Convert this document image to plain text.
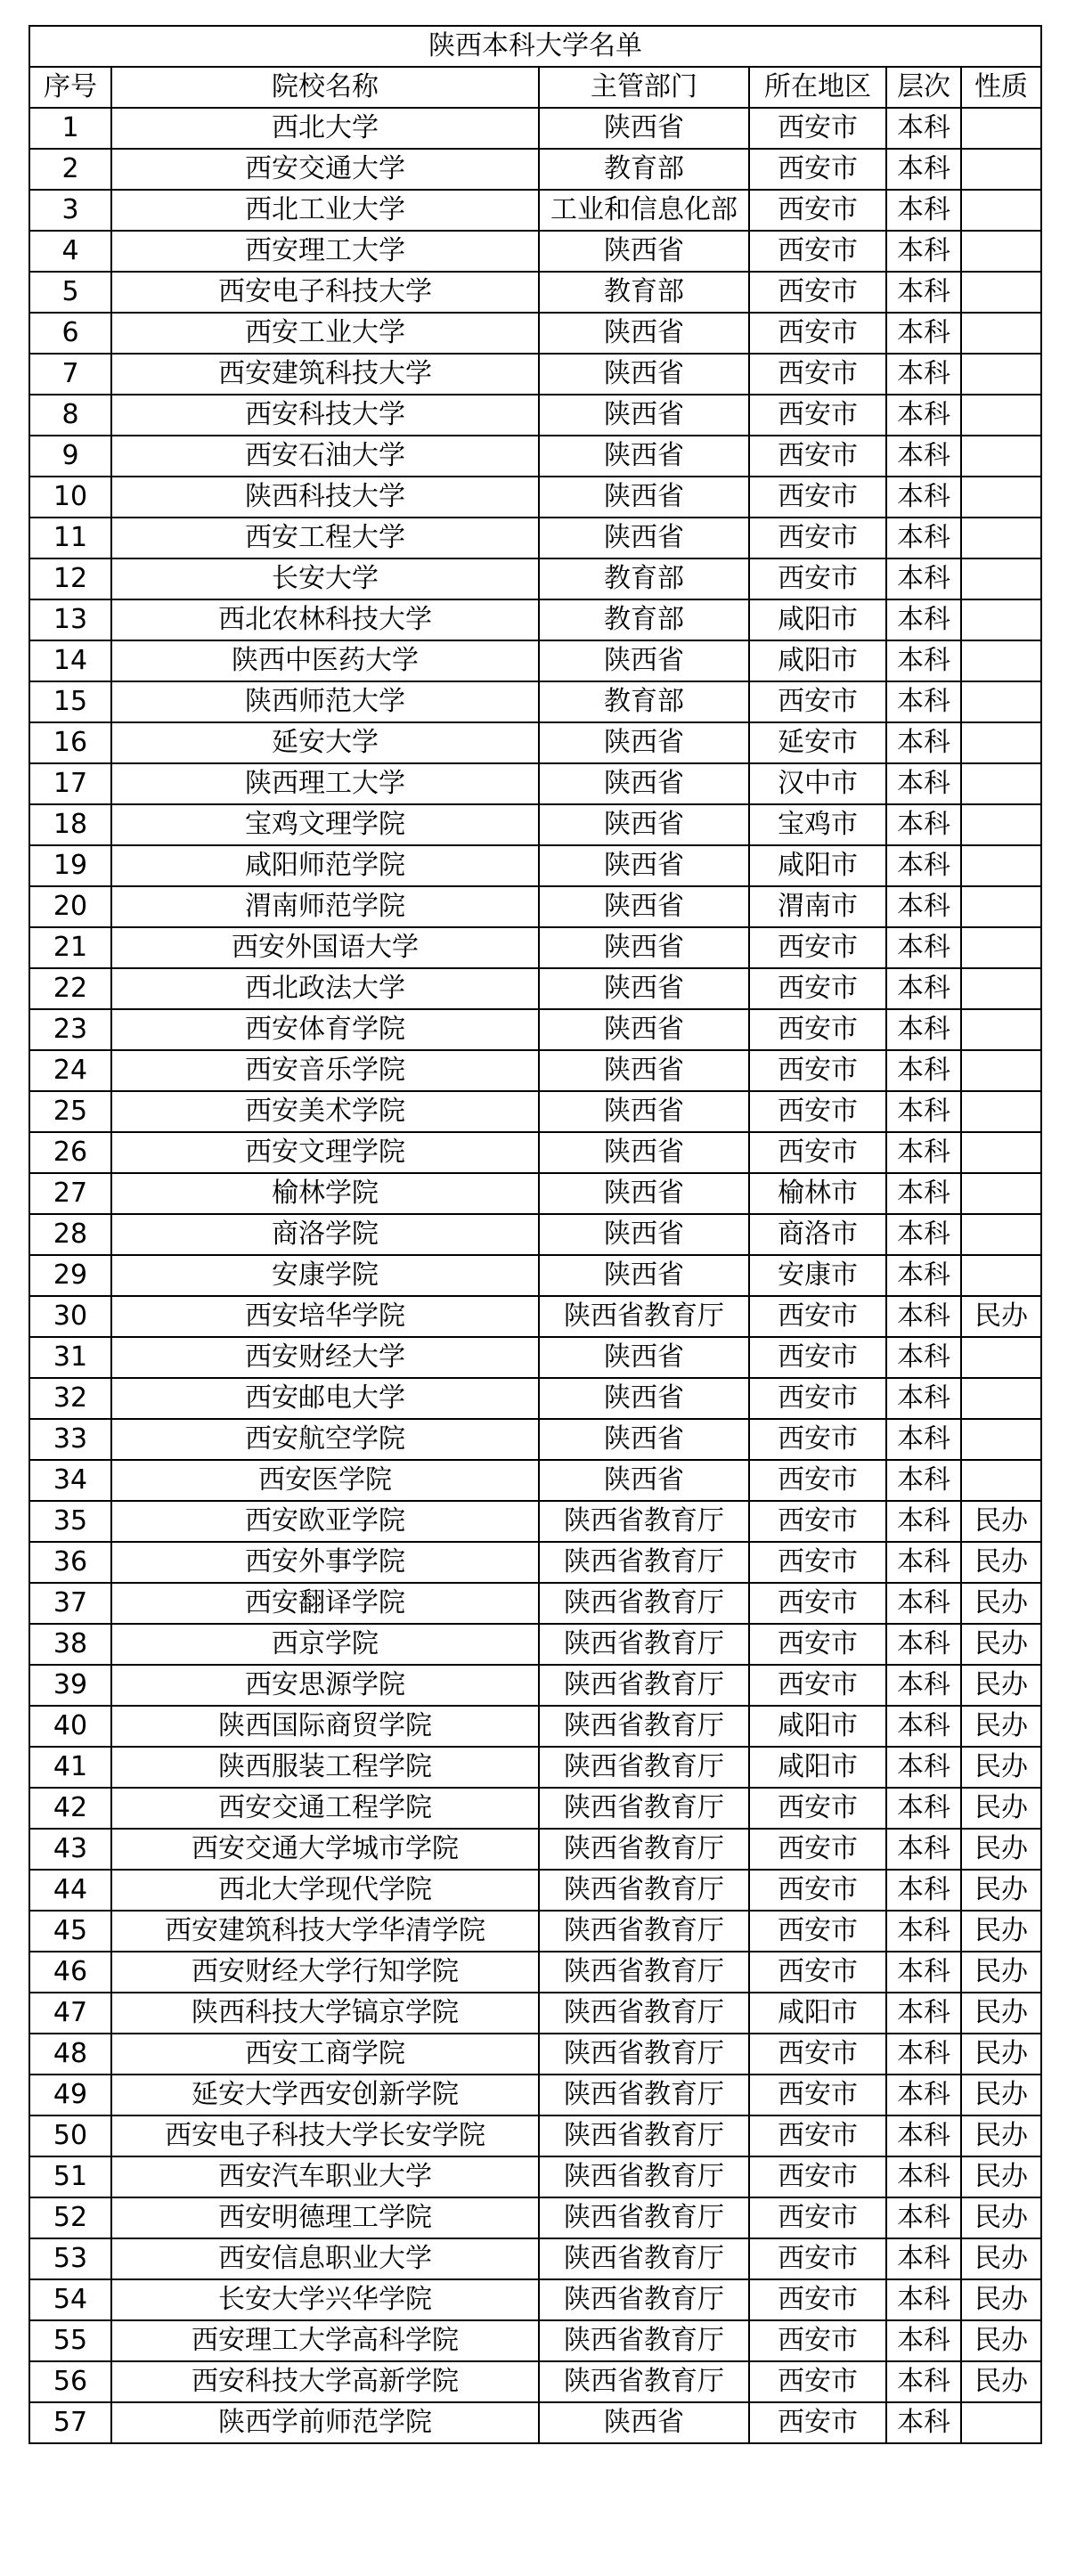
陕西本科大学名单					
序号	院校名称	主管部门	所在地区	层次	性质
1	西北大学	陕西省	西安市	本科	
2	西安交通大学	教育部	西安市	本科	
3	西北工业大学	工业和信息化部	西安市	本科	
4	西安理工大学	陕西省	西安市	本科	
5	西安电子科技大学	教育部	西安市	本科	
6	西安工业大学	陕西省	西安市	本科	
7	西安建筑科技大学	陕西省	西安市	本科	
8	西安科技大学	陕西省	西安市	本科	
9	西安石油大学	陕西省	西安市	本科	
10	陕西科技大学	陕西省	西安市	本科	
11	西安工程大学	陕西省	西安市	本科	
12	长安大学	教育部	西安市	本科	
13	西北农林科技大学	教育部	咸阳市	本科	
14	陕西中医药大学	陕西省	咸阳市	本科	
15	陕西师范大学	教育部	西安市	本科	
16	延安大学	陕西省	延安市	本科	
17	陕西理工大学	陕西省	汉中市	本科	
18	宝鸡文理学院	陕西省	宝鸡市	本科	
19	咸阳师范学院	陕西省	咸阳市	本科	
20	渭南师范学院	陕西省	渭南市	本科	
21	西安外国语大学	陕西省	西安市	本科	
22	西北政法大学	陕西省	西安市	本科	
23	西安体育学院	陕西省	西安市	本科	
24	西安音乐学院	陕西省	西安市	本科	
25	西安美术学院	陕西省	西安市	本科	
26	西安文理学院	陕西省	西安市	本科	
27	榆林学院	陕西省	榆林市	本科	
28	商洛学院	陕西省	商洛市	本科	
29	安康学院	陕西省	安康市	本科	
30	西安培华学院	陕西省教育厅	西安市	本科	民办
31	西安财经大学	陕西省	西安市	本科	
32	西安邮电大学	陕西省	西安市	本科	
33	西安航空学院	陕西省	西安市	本科	
34	西安医学院	陕西省	西安市	本科	
35	西安欧亚学院	陕西省教育厅	西安市	本科	民办
36	西安外事学院	陕西省教育厅	西安市	本科	民办
37	西安翻译学院	陕西省教育厅	西安市	本科	民办
38	西京学院	陕西省教育厅	西安市	本科	民办
39	西安思源学院	陕西省教育厅	西安市	本科	民办
40	陕西国际商贸学院	陕西省教育厅	咸阳市	本科	民办
41	陕西服装工程学院	陕西省教育厅	咸阳市	本科	民办
42	西安交通工程学院	陕西省教育厅	西安市	本科	民办
43	西安交通大学城市学院	陕西省教育厅	西安市	本科	民办
44	西北大学现代学院	陕西省教育厅	西安市	本科	民办
45	西安建筑科技大学华清学院	陕西省教育厅	西安市	本科	民办
46	西安财经大学行知学院	陕西省教育厅	西安市	本科	民办
47	陕西科技大学镐京学院	陕西省教育厅	咸阳市	本科	民办
48	西安工商学院	陕西省教育厅	西安市	本科	民办
49	延安大学西安创新学院	陕西省教育厅	西安市	本科	民办
50	西安电子科技大学长安学院	陕西省教育厅	西安市	本科	民办
51	西安汽车职业大学	陕西省教育厅	西安市	本科	民办
52	西安明德理工学院	陕西省教育厅	西安市	本科	民办
53	西安信息职业大学	陕西省教育厅	西安市	本科	民办
54	长安大学兴华学院	陕西省教育厅	西安市	本科	民办
55	西安理工大学高科学院	陕西省教育厅	西安市	本科	民办
56	西安科技大学高新学院	陕西省教育厅	西安市	本科	民办
57	陕西学前师范学院	陕西省	西安市	本科	
